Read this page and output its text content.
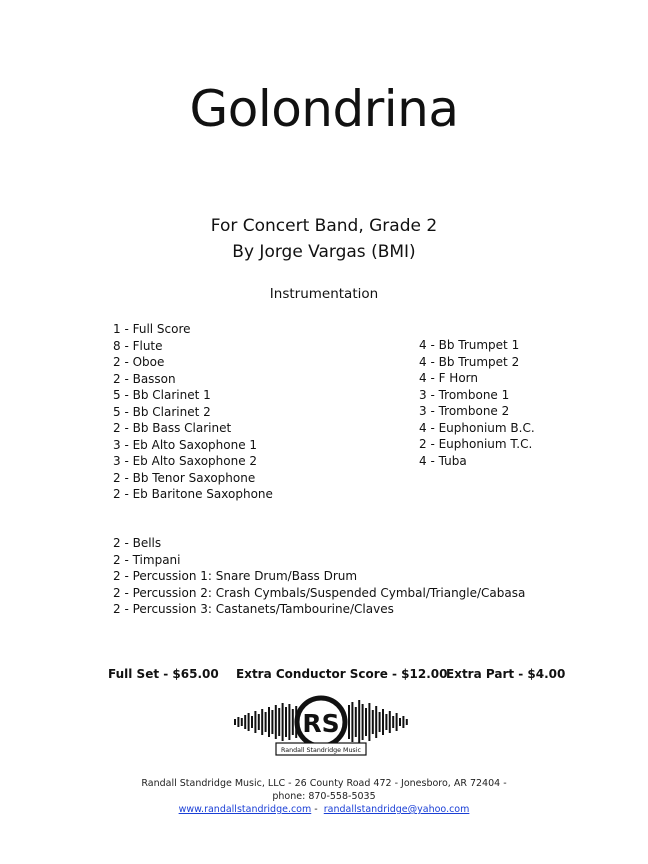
Golondrina
For Concert Band, Grade 2
By Jorge Vargas (BMI)
Instrumentation
1 - Full Score
8 - Flute
2 - Oboe
2 - Basson
5 - Bb Clarinet 1
5 - Bb Clarinet 2
2 - Bb Bass Clarinet
3 - Eb Alto Saxophone 1
3 - Eb Alto Saxophone 2
2 - Bb Tenor Saxophone
2 - Eb Baritone Saxophone
4 - Bb Trumpet 1
4 - Bb Trumpet 2
4 - F Horn
3 - Trombone 1
3 - Trombone 2
4 - Euphonium B.C.
2 - Euphonium T.C.
4 - Tuba
2 - Bells
2 - Timpani
2 - Percussion 1: Snare Drum/Bass Drum
2 - Percussion 2: Crash Cymbals/Suspended Cymbal/Triangle/Cabasa
2 - Percussion 3: Castanets/Tambourine/Claves
Full Set - $65.00 Extra Conductor Score - $12.00
Extra Part - $4.00
RS
Randall Standridge Music
Randall Standridge Music, LLC - 26 County Road 472 - Jonesboro, AR 72404 -
phone: 870-558-5035
www.randallstandridge.com -  randallstandridge@yahoo.com
